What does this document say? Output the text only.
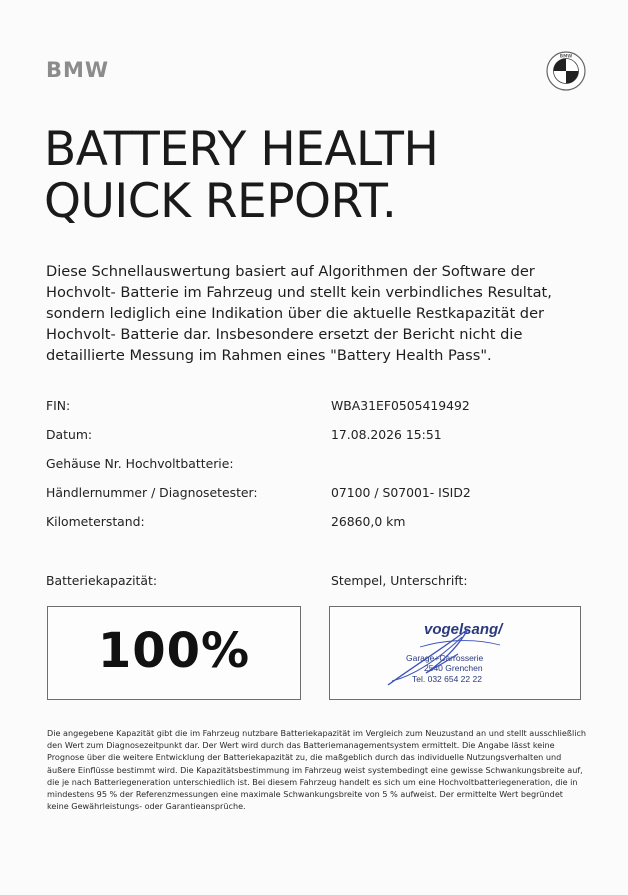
BMW
BMW
BATTERY HEALTH
QUICK REPORT.

Diese Schnellauswertung basiert auf Algorithmen der Software der Hochvolt- Batterie im Fahrzeug und stellt kein verbindliches Resultat, sondern lediglich eine Indikation über die aktuelle Restkapazität der Hochvolt- Batterie dar. Insbesondere ersetzt der Bericht nicht die detaillierte Messung im Rahmen eines "Battery Health Pass".

FIN:	WBA31EF0505419492
Datum:	17.08.2026 15:51
Gehäuse Nr. Hochvoltbatterie:
Händlernummer / Diagnosetester:	07100 / S07001- ISID2
Kilometerstand:	26860,0 km
Batteriekapazität:	Stempel, Unterschrift:
100%	vogelsang/
Garage+Carrosserie
2540 Grenchen
Tel. 032 654 22 22

Die angegebene Kapazität gibt die im Fahrzeug nutzbare Batteriekapazität im Vergleich zum Neuzustand an und stellt ausschließlich den Wert zum Diagnosezeitpunkt dar. Der Wert wird durch das Batteriemanagementsystem ermittelt. Die Angabe lässt keine Prognose über die weitere Entwicklung der Batteriekapazität zu, die maßgeblich durch das individuelle Nutzungsverhalten und äußere Einflüsse bestimmt wird. Die Kapazitätsbestimmung im Fahrzeug weist systembedingt eine gewisse Schwankungsbreite auf, die je nach Batteriegeneration unterschiedlich ist. Bei diesem Fahrzeug handelt es sich um eine Hochvoltbatteriegeneration, die in mindestens 95 % der Referenzmessungen eine maximale Schwankungsbreite von 5 % aufweist. Der ermittelte Wert begründet keine Gewährleistungs- oder Garantieansprüche.
